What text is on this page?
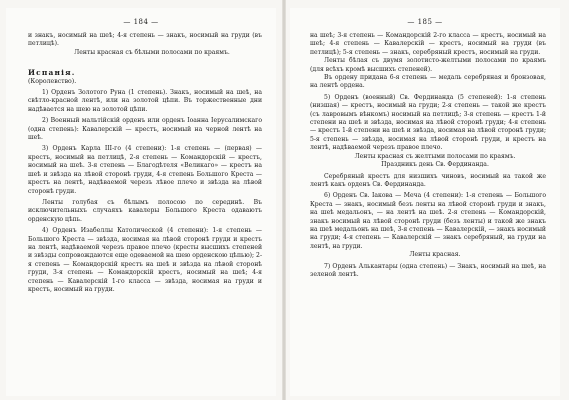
— 184 —

и знакъ, носимый на шеѣ; 4-я степень — знакъ, носимый на груди (въ петлицѣ).

Ленты красная съ бѣлыми полосами по краямъ.

Испанія.

(Королевство).

1) Орденъ Золотого Руна (1 степень). Знакъ, носимый на шеѣ, на свѣтло-красной лентѣ, или на золотой цѣпи. Въ торжественные дни надѣвается на шею на золотой цѣпи.

2) Военный мальтійскій орденъ или орденъ Іоанна Іерусалимскаго (одна степень): Кавалерскій — крестъ, носимый на черной лентѣ на шеѣ.

3) Орденъ Карла III-го (4 степени): 1-я степень — (первая) — крестъ, носимый на петлицѣ, 2-я степень — Командорскій — крестъ, носимый на шеѣ. 3-я степень — Благодѣтеля «Великаго» — крестъ на шеѣ и звѣзда на лѣвой сторонѣ груди, 4-я степень Большого Креста — крестъ на лентѣ, надѣваемой черезъ лѣвое плечо и звѣзда на лѣвой сторонѣ груди.

Ленты голубая съ бѣлымъ полосою по серединѣ. Въ исключительныхъ случаяхъ кавалеры Большого Креста одаваютъ орденскую цѣпь.

4) Орденъ Изабеллы Католической (4 степени): 1-я степень — Большого Креста — звѣзда, носимая на лѣвой сторонѣ груди и крестъ на лентѣ, надѣваемой черезъ правое плечо (кресты высшихъ степеней и звѣзды сопровождаются еще одеваемой на шею орденскою цѣпью); 2-я степень — Командорскій крестъ на шеѣ и звѣзда на лѣвой сторонѣ груди, 3-я степень — Командорскій крестъ, носимый на шеѣ; 4-я степень — Кавалерскій 1-го класса — звѣзда, носимая на груди и крестъ, носимый на груди.

— 185 —

на шеѣ; 3-я степень — Командорскій 2-го класса — крестъ, носимый на шеѣ; 4-я степень — Кавалерскій — крестъ, носимый на груди (въ петлицѣ); 5-я степень — знакъ, серебряный крестъ, носимый на груди.

Ленты бѣлая съ двумя золотисто-желтыми полосами по краямъ (для всѣхъ кромѣ высшихъ степеней).

Въ ордену придана 6-я степень — медаль серебряная и бронзовая, на лентѣ ордена.

5) Орденъ (военный) Св. Фердинанда (5 степеней): 1-я степень (низшая) — крестъ, носимый на груди; 2-я степень — такой же крестъ (съ лавровымъ вѣнкомъ) носимый на петлицѣ; 3-я степень — крестъ 1-й степени на шеѣ и звѣзда, носимая на лѣвой сторонѣ груди; 4-я степень — крестъ 1-й степени на шеѣ и звѣзда, носимая на лѣвой сторонѣ груди; 5-я степень — звѣзда, носимая на лѣвой сторонѣ груди, и крестъ на лентѣ, надѣваемой черезъ правое плечо.

Ленты красная съ желтыми полосами по краямъ.

Праздникъ день Св. Фердинанда.

Серебряный крестъ для низшихъ чиновъ, носимый на такой же лентѣ какъ орденъ Св. Фердинанда.

6) Орденъ Св. Іакова — Меча (4 степени): 1-я степень — Большого Креста — знакъ, носимый безъ ленты на лѣвой сторонѣ груди и знакъ, на шеѣ медальонъ, — на лентѣ на шеѣ. 2-я степень — Командорскій, знакъ носимый на лѣвой сторонѣ груди (безъ ленты) и такой же знакъ на шеѣ медальонъ на шеѣ, 3-я степень — Кавалерскій, — знакъ носимый на груди; 4-я степень — Кавалерскій — знакъ серебряный, на груди на лентѣ, на груди.

Ленты красная.

7) Орденъ Алькантары (одна степень) — Знакъ, носимый на шеѣ, на зеленой лентѣ.
